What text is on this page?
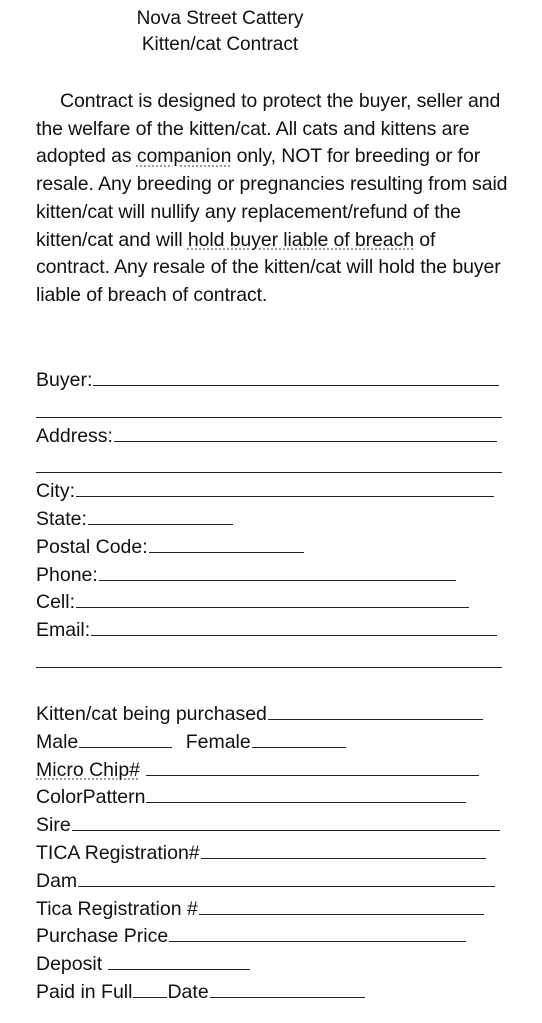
Nova Street Cattery
Kitten/cat Contract
Contract is designed to protect the buyer, seller and the welfare of the kitten/cat. All cats and kittens are adopted as companion only, NOT for breeding or for resale. Any breeding or pregnancies resulting from said kitten/cat will nullify any replacement/refund of the kitten/cat and will hold buyer liable of breach of contract. Any resale of the kitten/cat will hold the buyer liable of breach of contract.
Buyer:
Address:
City:
State:
Postal Code:
Phone:
Cell:
Email:
Kitten/cat being purchased
Male	Female
Micro Chip#
ColorPattern
Sire
TICA Registration#
Dam
Tica Registration #
Purchase Price
Deposit
Paid in Full Date
